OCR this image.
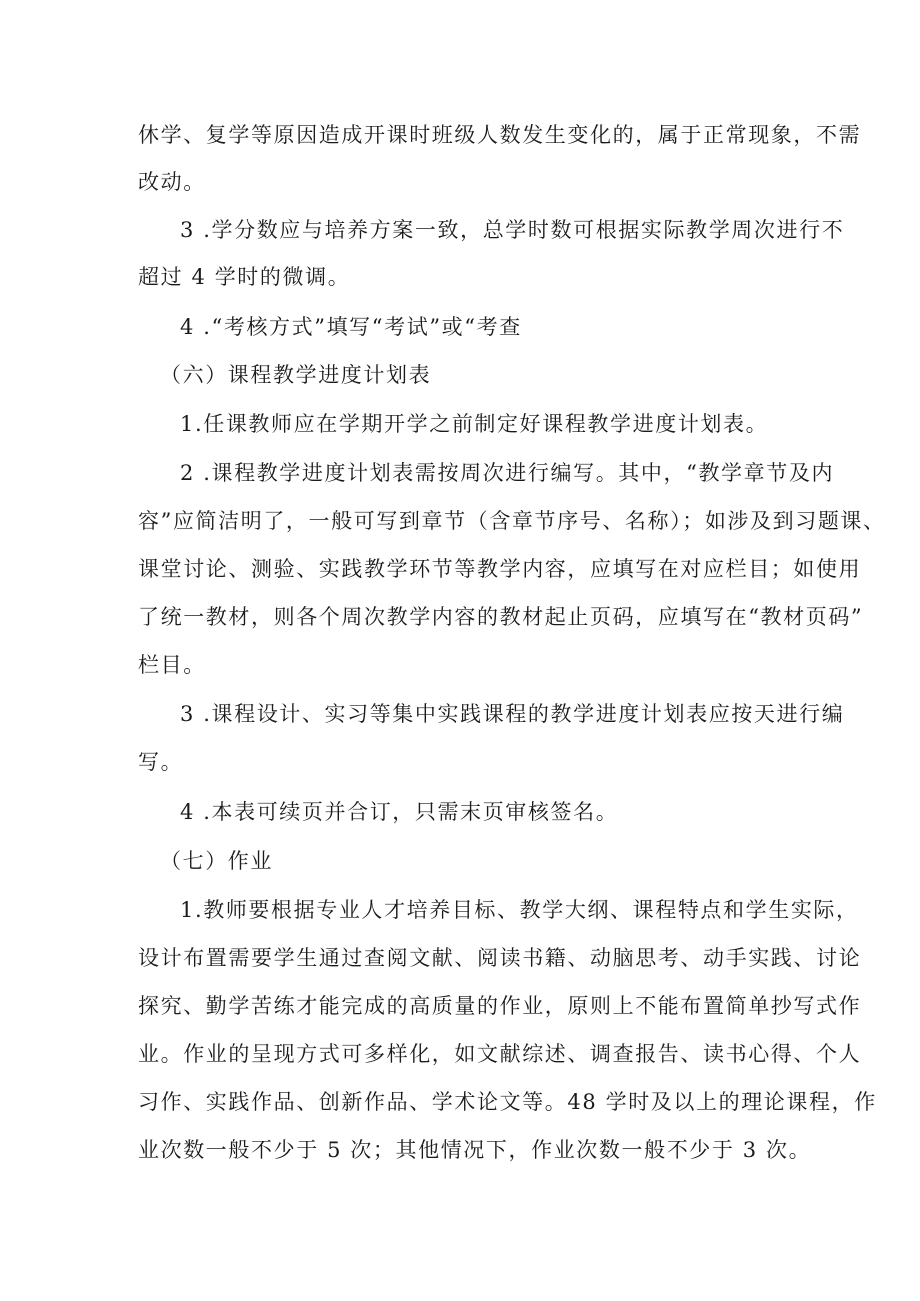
休学、复学等原因造成开课时班级人数发生变化的，属于正常现象，不需
改动。
3 .学分数应与培养方案一致，总学时数可根据实际教学周次进行不
超过 4 学时的微调。
4 .“考核方式”填写“考试”或“考查
（六）课程教学进度计划表
1.任课教师应在学期开学之前制定好课程教学进度计划表。
2 .课程教学进度计划表需按周次进行编写。其中，“教学章节及内
容”应简洁明了，一般可写到章节（含章节序号、名称）；如涉及到习题课、
课堂讨论、测验、实践教学环节等教学内容，应填写在对应栏目；如使用
了统一教材，则各个周次教学内容的教材起止页码，应填写在“教材页码”
栏目。
3 .课程设计、实习等集中实践课程的教学进度计划表应按天进行编
写。
4 .本表可续页并合订，只需末页审核签名。
（七）作业
1.教师要根据专业人才培养目标、教学大纲、课程特点和学生实际，
设计布置需要学生通过查阅文献、阅读书籍、动脑思考、动手实践、讨论
探究、勤学苦练才能完成的高质量的作业，原则上不能布置简单抄写式作
业。作业的呈现方式可多样化，如文献综述、调查报告、读书心得、个人
习作、实践作品、创新作品、学术论文等。48 学时及以上的理论课程，作
业次数一般不少于 5 次；其他情况下，作业次数一般不少于 3 次。
